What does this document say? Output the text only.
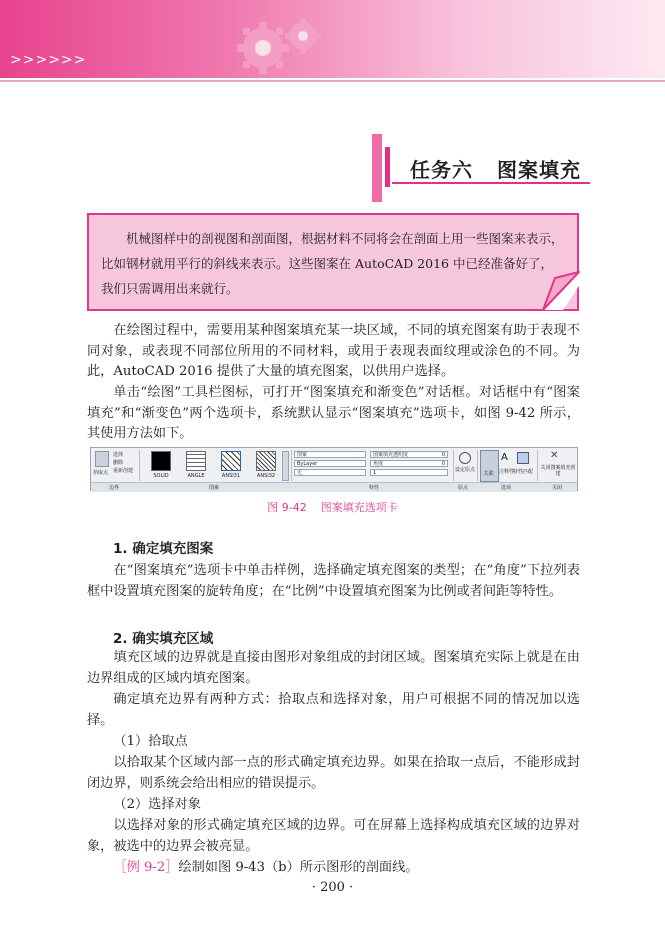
>>>>>>
任务六 图案填充

机械图样中的剖视图和剖面图，根据材料不同将会在剖面上用一些图案来表示，比如钢材就用平行的斜线来表示。这些图案在 AutoCAD 2016 中已经准备好了，我们只需调用出来就行。

在绘图过程中，需要用某种图案填充某一块区域，不同的填充图案有助于表现不同对象，或表现不同部位所用的不同材料，或用于表现表面纹理或涂色的不同。为此，AutoCAD 2016 提供了大量的填充图案，以供用户选择。

单击“绘图”工具栏图标，可打开“图案填充和渐变色”对话框。对话框中有“图案填充”和“渐变色”两个选项卡，系统默认显示“图案填充”选项卡，如图 9-42 所示，其使用方法如下。

拾取点
选择
删除
重新创建
SOLID	ANGLE	ANSI31	ANSI32
图案
ByLayer
无
图案填充透明度	0
角度	0
1	设定原点
关联
A
注释性
特性匹配
✕
关闭图案填充创建
边界	图案	特性	原点	选项	关闭
图 9-42 图案填充选项卡

1. 确定填充图案

在“图案填充”选项卡中单击样例，选择确定填充图案的类型；在“角度”下拉列表框中设置填充图案的旋转角度；在“比例”中设置填充图案为比例或者间距等特性。

2. 确实填充区域

填充区域的边界就是直接由图形对象组成的封闭区域。图案填充实际上就是在由边界组成的区域内填充图案。

确定填充边界有两种方式：拾取点和选择对象，用户可根据不同的情况加以选择。

（1）拾取点

以拾取某个区域内部一点的形式确定填充边界。如果在拾取一点后，不能形成封闭边界，则系统会给出相应的错误提示。

（2）选择对象

以选择对象的形式确定填充区域的边界。可在屏幕上选择构成填充区域的边界对象，被选中的边界会被亮显。

［例 9-2］绘制如图 9-43（b）所示图形的剖面线。

· 200 ·
